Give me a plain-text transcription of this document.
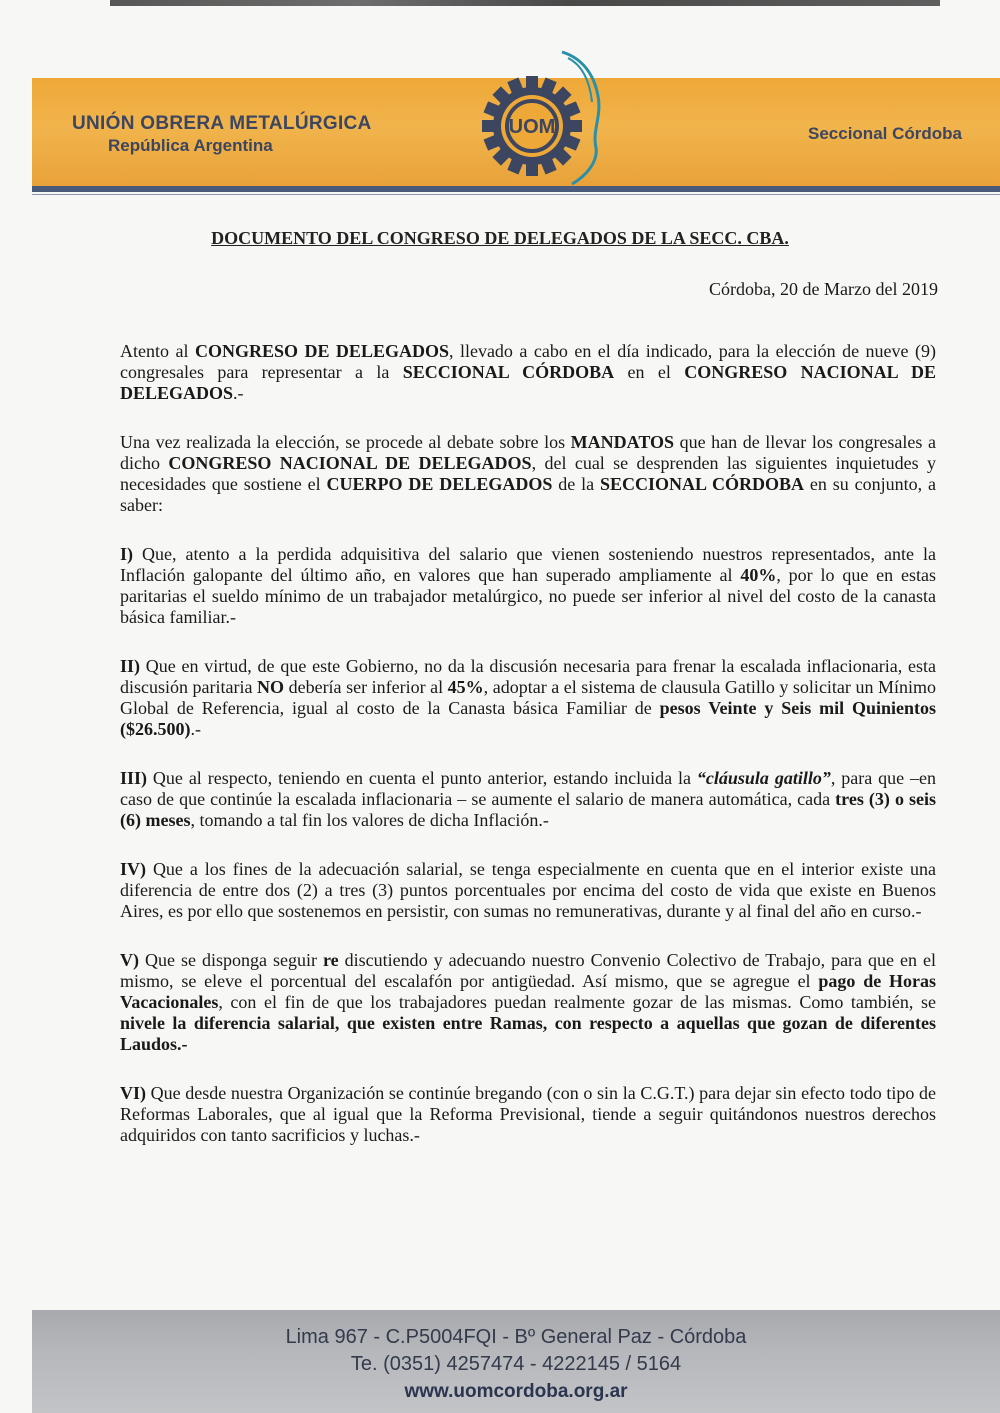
UNIÓN OBRERA METALÚRGICA
República Argentina
Seccional Córdoba
UOM
DOCUMENTO DEL CONGRESO DE DELEGADOS DE LA SECC. CBA.
Córdoba, 20 de Marzo del 2019

Atento al CONGRESO DE DELEGADOS, llevado a cabo en el día indicado, para la elección de nueve (9) congresales para representar a la SECCIONAL CÓRDOBA en el CONGRESO NACIONAL DE DELEGADOS.-

Una vez realizada la elección, se procede al debate sobre los MANDATOS que han de llevar los congresales a dicho CONGRESO NACIONAL DE DELEGADOS, del cual se desprenden las siguientes inquietudes y necesidades que sostiene el CUERPO DE DELEGADOS de la SECCIONAL CÓRDOBA en su conjunto, a saber:

I) Que, atento a la perdida adquisitiva del salario que vienen sosteniendo nuestros representados, ante la Inflación galopante del último año, en valores que han superado ampliamente al 40%, por lo que en estas paritarias el sueldo mínimo de un trabajador metalúrgico, no puede ser inferior al nivel del costo de la canasta básica familiar.-

II) Que en virtud, de que este Gobierno, no da la discusión necesaria para frenar la escalada inflacionaria, esta discusión paritaria NO debería ser inferior al 45%, adoptar a el sistema de clausula Gatillo y solicitar un Mínimo Global de Referencia, igual al costo de la Canasta básica Familiar de pesos Veinte y Seis mil Quinientos ($26.500).-

III) Que al respecto, teniendo en cuenta el punto anterior, estando incluida la “cláusula gatillo”, para que –en caso de que continúe la escalada inflacionaria – se aumente el salario de manera automática, cada tres (3) o seis (6) meses, tomando a tal fin los valores de dicha Inflación.-

IV) Que a los fines de la adecuación salarial, se tenga especialmente en cuenta que en el interior existe una diferencia de entre dos (2) a tres (3) puntos porcentuales por encima del costo de vida que existe en Buenos Aires, es por ello que sostenemos en persistir, con sumas no remunerativas, durante y al final del año en curso.-

V) Que se disponga seguir re discutiendo y adecuando nuestro Convenio Colectivo de Trabajo, para que en el mismo, se eleve el porcentual del escalafón por antigüedad. Así mismo, que se agregue el pago de Horas Vacacionales, con el fin de que los trabajadores puedan realmente gozar de las mismas. Como también, se nivele la diferencia salarial, que existen entre Ramas, con respecto a aquellas que gozan de diferentes Laudos.-

VI) Que desde nuestra Organización se continúe bregando (con o sin la C.G.T.) para dejar sin efecto todo tipo de Reformas Laborales, que al igual que la Reforma Previsional, tiende a seguir quitándonos nuestros derechos adquiridos con tanto sacrificios y luchas.-

Lima 967 - C.P5004FQI - Bº General Paz - Córdoba
Te. (0351) 4257474 - 4222145 / 5164
www.uomcordoba.org.ar
